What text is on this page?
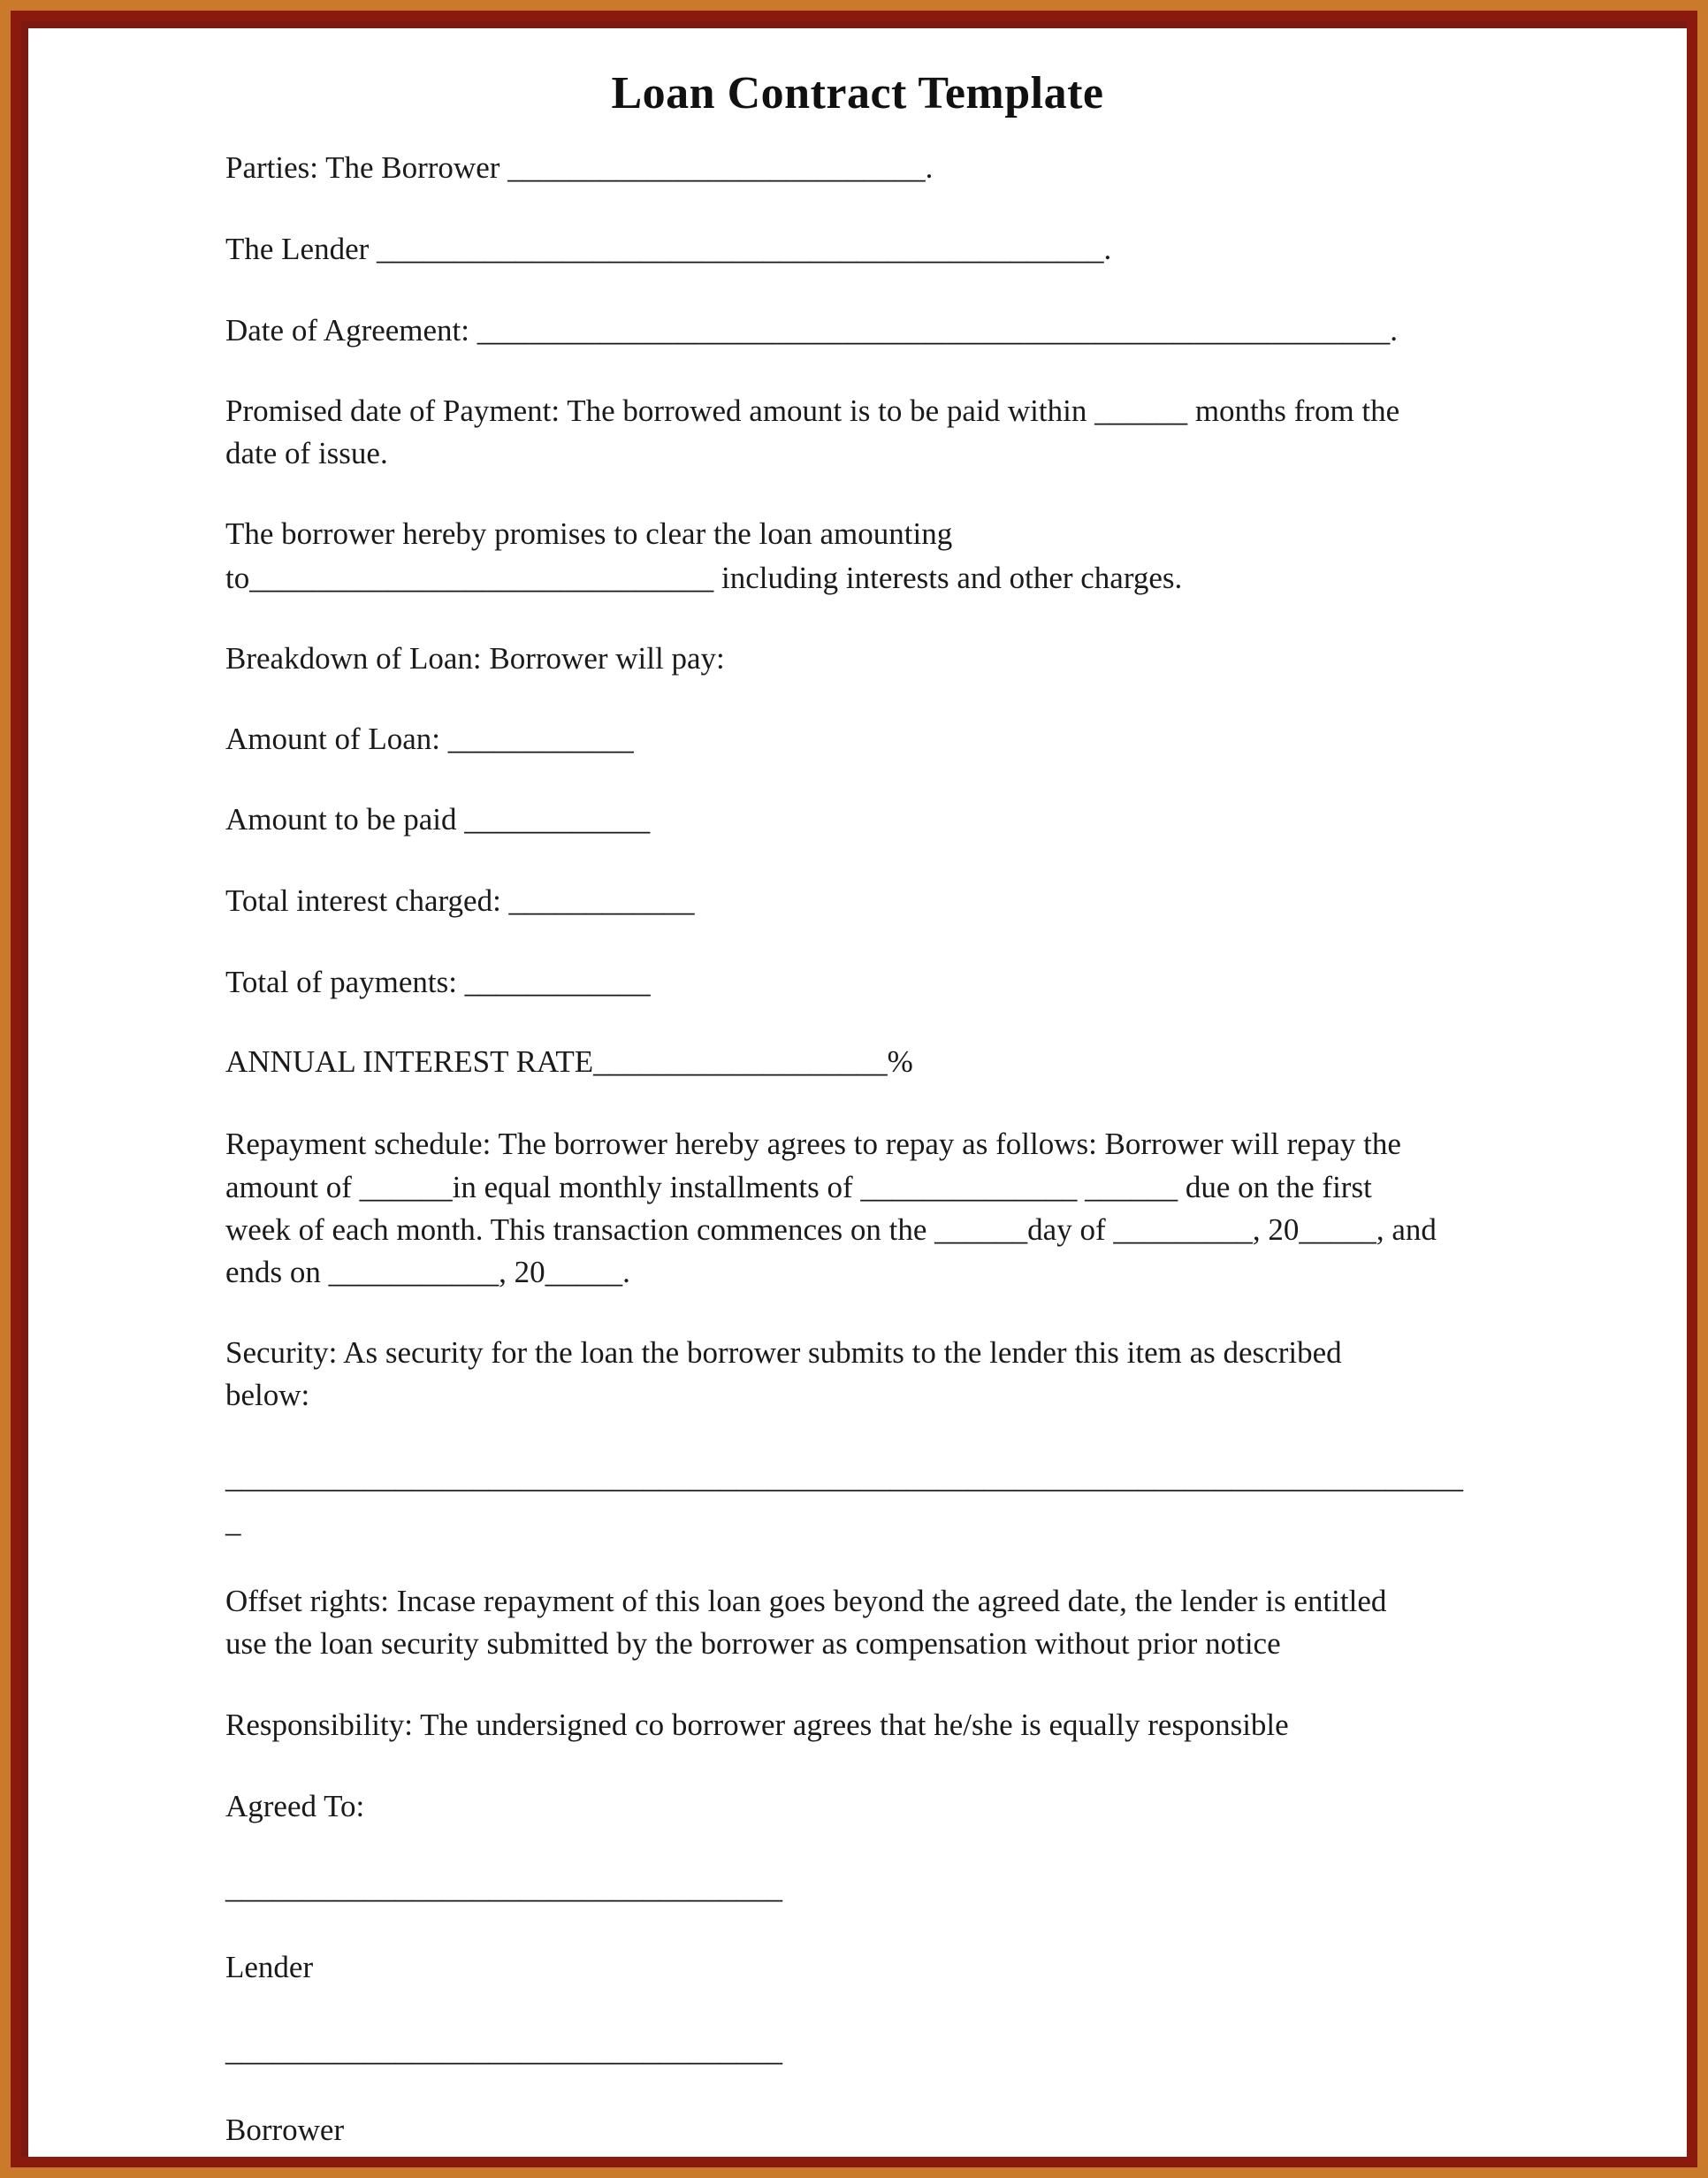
Loan Contract Template

Parties: The Borrower ___________________________.

The Lender _______________________________________________.

Date of Agreement: ___________________________________________________________.

Promised date of Payment: The borrowed amount is to be paid within ______ months from the

date of issue.

The borrower hereby promises to clear the loan amounting

to______________________________ including interests and other charges.

Breakdown of Loan: Borrower will pay:

Amount of Loan: ____________

Amount to be paid ____________

Total interest charged: ____________

Total of payments: ____________

ANNUAL INTEREST RATE___________________%

Repayment schedule: The borrower hereby agrees to repay as follows: Borrower will repay the

amount of ______in equal monthly installments of ______________ ______ due on the first

week of each month. This transaction commences on the ______day of _________, 20_____, and

ends on ___________, 20_____.

Security: As security for the loan the borrower submits to the lender this item as described

below:

________________________________________________________________________________

_

Offset rights: Incase repayment of this loan goes beyond the agreed date, the lender is entitled

use the loan security submitted by the borrower as compensation without prior notice

Responsibility: The undersigned co borrower agrees that he/she is equally responsible

Agreed To:

____________________________________

Lender

____________________________________

Borrower
